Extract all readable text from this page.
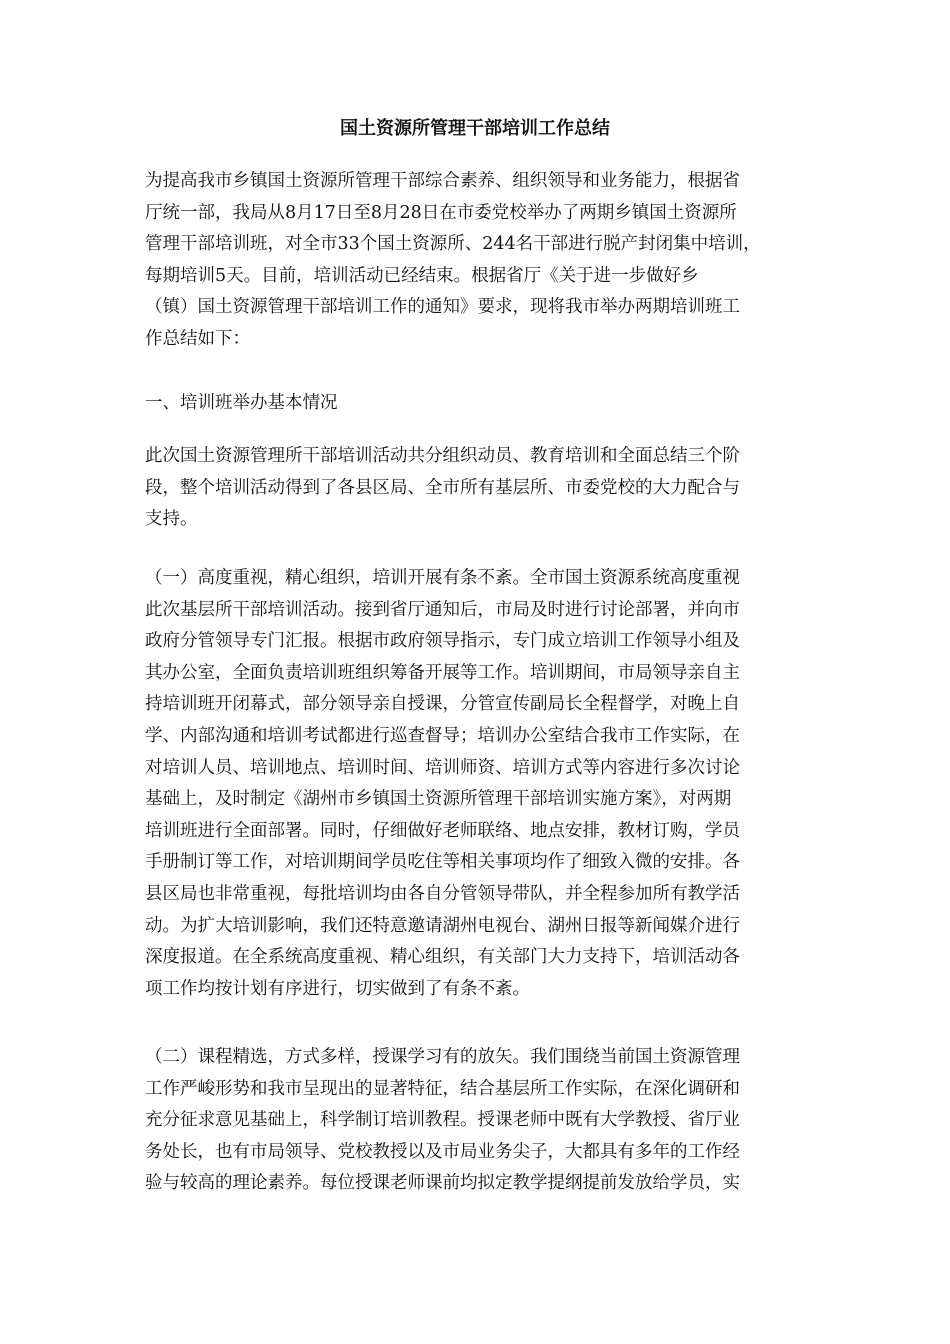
国土资源所管理干部培训工作总结
为提高我市乡镇国土资源所管理干部综合素养、组织领导和业务能力，根据省
厅统一部，我局从8月17日至8月28日在市委党校举办了两期乡镇国土资源所
管理干部培训班，对全市33个国土资源所、244名干部进行脱产封闭集中培训，
每期培训5天。目前，培训活动已经结束。根据省厅《关于进一步做好乡
（镇）国土资源管理干部培训工作的通知》要求，现将我市举办两期培训班工
作总结如下：
一、培训班举办基本情况
此次国土资源管理所干部培训活动共分组织动员、教育培训和全面总结三个阶
段，整个培训活动得到了各县区局、全市所有基层所、市委党校的大力配合与
支持。
（一）高度重视，精心组织，培训开展有条不紊。全市国土资源系统高度重视
此次基层所干部培训活动。接到省厅通知后，市局及时进行讨论部署，并向市
政府分管领导专门汇报。根据市政府领导指示，专门成立培训工作领导小组及
其办公室，全面负责培训班组织筹备开展等工作。培训期间，市局领导亲自主
持培训班开闭幕式，部分领导亲自授课，分管宣传副局长全程督学，对晚上自
学、内部沟通和培训考试都进行巡查督导；培训办公室结合我市工作实际，在
对培训人员、培训地点、培训时间、培训师资、培训方式等内容进行多次讨论
基础上，及时制定《湖州市乡镇国土资源所管理干部培训实施方案》，对两期
培训班进行全面部署。同时，仔细做好老师联络、地点安排，教材订购，学员
手册制订等工作，对培训期间学员吃住等相关事项均作了细致入微的安排。各
县区局也非常重视，每批培训均由各自分管领导带队，并全程参加所有教学活
动。为扩大培训影响，我们还特意邀请湖州电视台、湖州日报等新闻媒介进行
深度报道。在全系统高度重视、精心组织，有关部门大力支持下，培训活动各
项工作均按计划有序进行，切实做到了有条不紊。
（二）课程精选，方式多样，授课学习有的放矢。我们围绕当前国土资源管理
工作严峻形势和我市呈现出的显著特征，结合基层所工作实际，在深化调研和
充分征求意见基础上，科学制订培训教程。授课老师中既有大学教授、省厅业
务处长，也有市局领导、党校教授以及市局业务尖子，大都具有多年的工作经
验与较高的理论素养。每位授课老师课前均拟定教学提纲提前发放给学员，实
